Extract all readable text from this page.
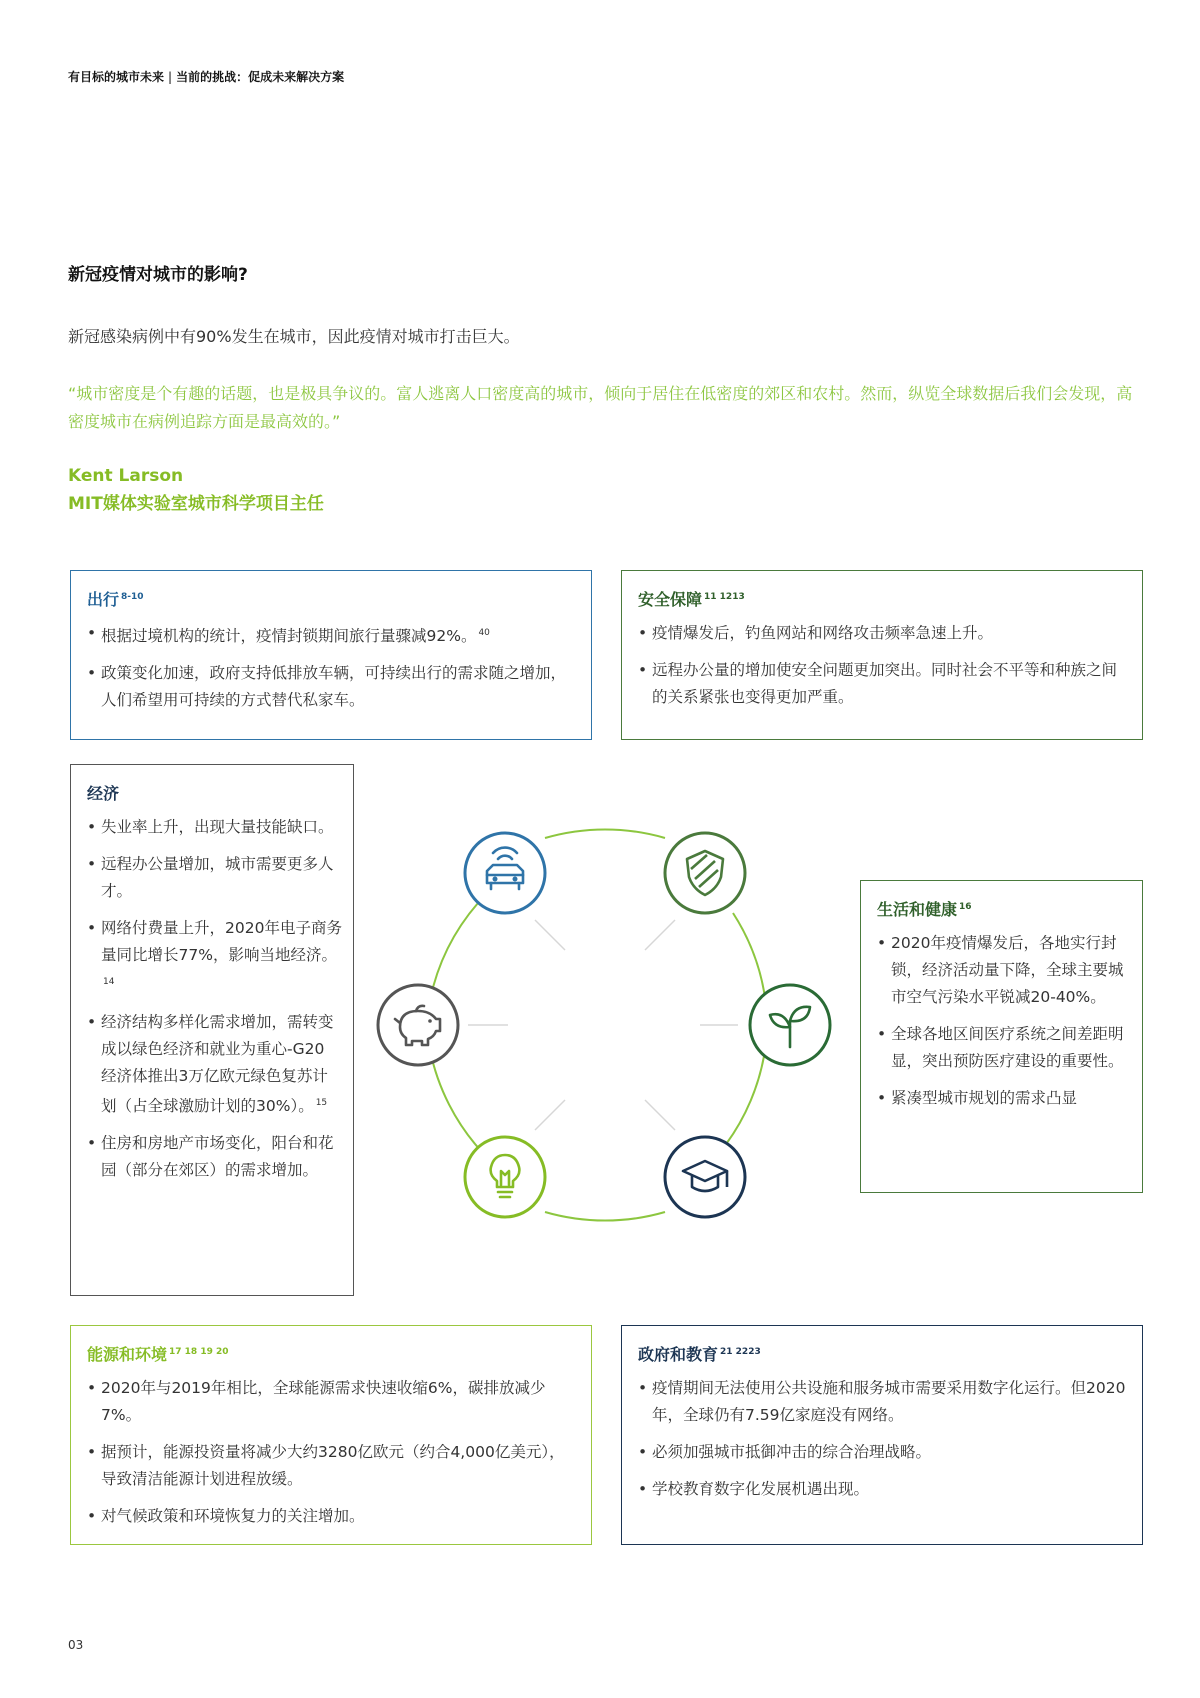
有目标的城市未来 | 当前的挑战：促成未来解决方案
新冠疫情对城市的影响?
新冠感染病例中有90%发生在城市，因此疫情对城市打击巨大。
“城市密度是个有趣的话题，也是极具争议的。富人逃离人口密度高的城市，倾向于居住在低密度的郊区和农村。然而，纵览全球数据后我们会发现，高密度城市在病例追踪方面是最高效的。”
Kent Larson
MIT媒体实验室城市科学项目主任
出行 $^{8-10}$
• 根据过境机构的统计，疫情封锁期间旅行量骤减92%。 $^{40}$
• 政策变化加速，政府支持低排放车辆，可持续出行的需求随之增加，人们希望用可持续的方式替代私家车。
安全保障 $^{11 1213}$
• 疫情爆发后，钓鱼网站和网络攻击频率急速上升。
• 远程办公量的增加使安全问题更加突出。同时社会不平等和种族之间的关系紧张也变得更加严重。
经济
• 失业率上升，出现大量技能缺口。
• 远程办公量增加，城市需要更多人才。
• 网络付费量上升，2020年电子商务量同比增长77%，影响当地经济。$^{14}$
• 经济结构多样化需求增加，需转变成以绿色经济和就业为重心-G20 经济体推出3万亿欧元绿色复苏计划（占全球激励计划的30%）。 $^{15}$
• 住房和房地产市场变化，阳台和花园（部分在郊区）的需求增加。
生活和健康 $^{16}$
• 2020年疫情爆发后，各地实行封锁，经济活动量下降，全球主要城市空气污染水平锐减20-40%。
• 全球各地区间医疗系统之间差距明显，突出预防医疗建设的重要性。
• 紧凑型城市规划的需求凸显
能源和环境 $^{17 18 19 20}$
• 2020年与2019年相比，全球能源需求快速收缩6%，碳排放减少7%。
• 据预计，能源投资量将减少大约3280亿欧元（约合4,000亿美元），导致清洁能源计划进程放缓。
• 对气候政策和环境恢复力的关注增加。
政府和教育 $^{21 2223}$
• 疫情期间无法使用公共设施和服务城市需要采用数字化运行。但2020年，全球仍有7.59亿家庭没有网络。
• 必须加强城市抵御冲击的综合治理战略。
• 学校教育数字化发展机遇出现。
03
